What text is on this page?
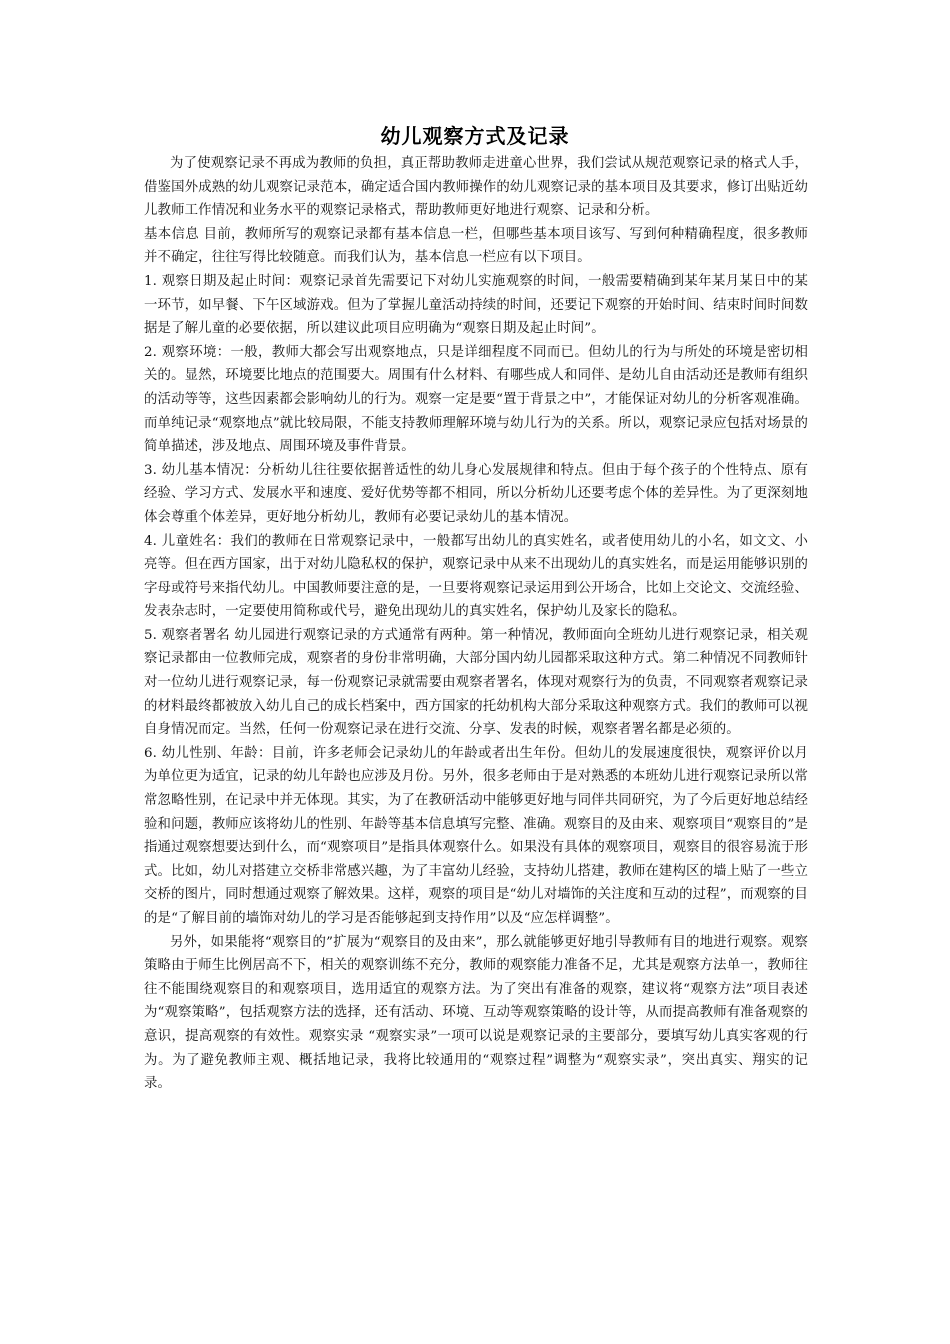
幼儿观察方式及记录

为了使观察记录不再成为教师的负担，真正帮助教师走进童心世界，我们尝试从规范观察记录的格式人手，借鉴国外成熟的幼儿观察记录范本，确定适合国内教师操作的幼儿观察记录的基本项目及其要求，修订出贴近幼儿教师工作情况和业务水平的观察记录格式，帮助教师更好地进行观察、记录和分析。

基本信息 目前，教师所写的观察记录都有基本信息一栏，但哪些基本项目该写、写到何种精确程度，很多教师并不确定，往往写得比较随意。而我们认为，基本信息一栏应有以下项目。

1. 观察日期及起止时间：观察记录首先需要记下对幼儿实施观察的时间，一般需要精确到某年某月某日中的某一环节，如早餐、下午区域游戏。但为了掌握儿童活动持续的时间，还要记下观察的开始时间、结束时间时间数据是了解儿童的必要依据，所以建议此项目应明确为“观察日期及起止时间”。

2. 观察环境：一般，教师大都会写出观察地点，只是详细程度不同而已。但幼儿的行为与所处的环境是密切相关的。显然，环境要比地点的范围要大。周围有什么材料、有哪些成人和同伴、是幼儿自由活动还是教师有组织的活动等等，这些因素都会影响幼儿的行为。观察一定是要“置于背景之中”，才能保证对幼儿的分析客观准确。而单纯记录“观察地点”就比较局限，不能支持教师理解环境与幼儿行为的关系。所以，观察记录应包括对场景的简单描述，涉及地点、周围环境及事件背景。

3. 幼儿基本情况：分析幼儿往往要依据普适性的幼儿身心发展规律和特点。但由于每个孩子的个性特点、原有经验、学习方式、发展水平和速度、爱好优势等都不相同，所以分析幼儿还要考虑个体的差异性。为了更深刻地体会尊重个体差异，更好地分析幼儿，教师有必要记录幼儿的基本情况。

4. 儿童姓名：我们的教师在日常观察记录中，一般都写出幼儿的真实姓名，或者使用幼儿的小名，如文文、小亮等。但在西方国家，出于对幼儿隐私权的保护，观察记录中从来不出现幼儿的真实姓名，而是运用能够识别的字母或符号来指代幼儿。中国教师要注意的是，一旦要将观察记录运用到公开场合，比如上交论文、交流经验、发表杂志时，一定要使用简称或代号，避免出现幼儿的真实姓名，保护幼儿及家长的隐私。

5. 观察者署名 幼儿园进行观察记录的方式通常有两种。第一种情况，教师面向全班幼儿进行观察记录，相关观察记录都由一位教师完成，观察者的身份非常明确，大部分国内幼儿园都采取这种方式。第二种情况不同教师针对一位幼儿进行观察记录，每一份观察记录就需要由观察者署名，体现对观察行为的负责，不同观察者观察记录的材料最终都被放入幼儿自己的成长档案中，西方国家的托幼机构大部分采取这种观察方式。我们的教师可以视自身情况而定。当然，任何一份观察记录在进行交流、分享、发表的时候，观察者署名都是必须的。

6. 幼儿性别、年龄：目前，许多老师会记录幼儿的年龄或者出生年份。但幼儿的发展速度很快，观察评价以月为单位更为适宜，记录的幼儿年龄也应涉及月份。另外，很多老师由于是对熟悉的本班幼儿进行观察记录所以常常忽略性别，在记录中并无体现。其实，为了在教研活动中能够更好地与同伴共同研究，为了今后更好地总结经验和问题，教师应该将幼儿的性别、年龄等基本信息填写完整、准确。观察目的及由来、观察项目“观察目的”是指通过观察想要达到什么，而“观察项目”是指具体观察什么。如果没有具体的观察项目，观察目的很容易流于形式。比如，幼儿对搭建立交桥非常感兴趣，为了丰富幼儿经验，支持幼儿搭建，教师在建构区的墙上贴了一些立交桥的图片，同时想通过观察了解效果。这样，观察的项目是“幼儿对墙饰的关注度和互动的过程”，而观察的目的是“了解目前的墙饰对幼儿的学习是否能够起到支持作用”以及“应怎样调整”。

另外，如果能将“观察目的”扩展为“观察目的及由来”，那么就能够更好地引导教师有目的地进行观察。观察策略由于师生比例居高不下，相关的观察训练不充分，教师的观察能力准备不足，尤其是观察方法单一，教师往往不能围绕观察目的和观察项目，选用适宜的观察方法。为了突出有准备的观察，建议将“观察方法”项目表述为“观察策略”，包括观察方法的选择，还有活动、环境、互动等观察策略的设计等，从而提高教师有准备观察的意识，提高观察的有效性。观察实录 “观察实录”一项可以说是观察记录的主要部分，要填写幼儿真实客观的行为。为了避免教师主观、概括地记录，我将比较通用的“观察过程”调整为“观察实录”，突出真实、翔实的记录。
